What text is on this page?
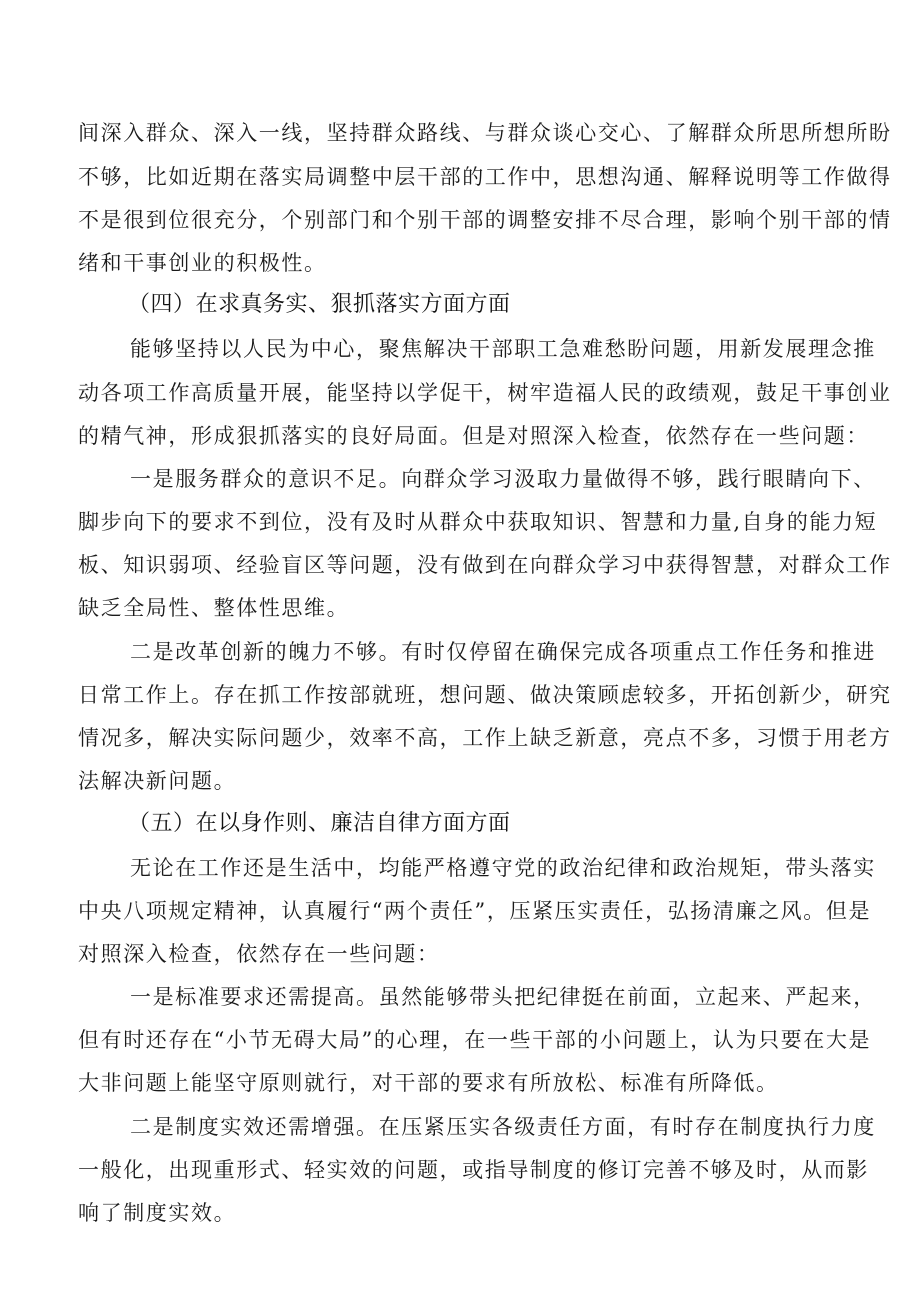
间深入群众、深入一线，坚持群众路线、与群众谈心交心、了解群众所思所想所盼
不够，比如近期在落实局调整中层干部的工作中，思想沟通、解释说明等工作做得
不是很到位很充分，个别部门和个别干部的调整安排不尽合理，影响个别干部的情
绪和干事创业的积极性。
（四）在求真务实、狠抓落实方面方面
能够坚持以人民为中心，聚焦解决干部职工急难愁盼问题，用新发展理念推
动各项工作高质量开展，能坚持以学促干，树牢造福人民的政绩观，鼓足干事创业
的精气神，形成狠抓落实的良好局面。但是对照深入检查，依然存在一些问题：
一是服务群众的意识不足。向群众学习汲取力量做得不够，践行眼睛向下、
脚步向下的要求不到位，没有及时从群众中获取知识、智慧和力量,自身的能力短
板、知识弱项、经验盲区等问题，没有做到在向群众学习中获得智慧，对群众工作
缺乏全局性、整体性思维。
二是改革创新的魄力不够。有时仅停留在确保完成各项重点工作任务和推进
日常工作上。存在抓工作按部就班，想问题、做决策顾虑较多，开拓创新少，研究
情况多，解决实际问题少，效率不高，工作上缺乏新意，亮点不多，习惯于用老方
法解决新问题。
（五）在以身作则、廉洁自律方面方面
无论在工作还是生活中，均能严格遵守党的政治纪律和政治规矩，带头落实
中央八项规定精神，认真履行“两个责任”，压紧压实责任，弘扬清廉之风。但是
对照深入检查，依然存在一些问题：
一是标准要求还需提高。虽然能够带头把纪律挺在前面，立起来、严起来，
但有时还存在“小节无碍大局”的心理，在一些干部的小问题上，认为只要在大是
大非问题上能坚守原则就行，对干部的要求有所放松、标准有所降低。
二是制度实效还需增强。在压紧压实各级责任方面，有时存在制度执行力度
一般化，出现重形式、轻实效的问题，或指导制度的修订完善不够及时，从而影
响了制度实效。
